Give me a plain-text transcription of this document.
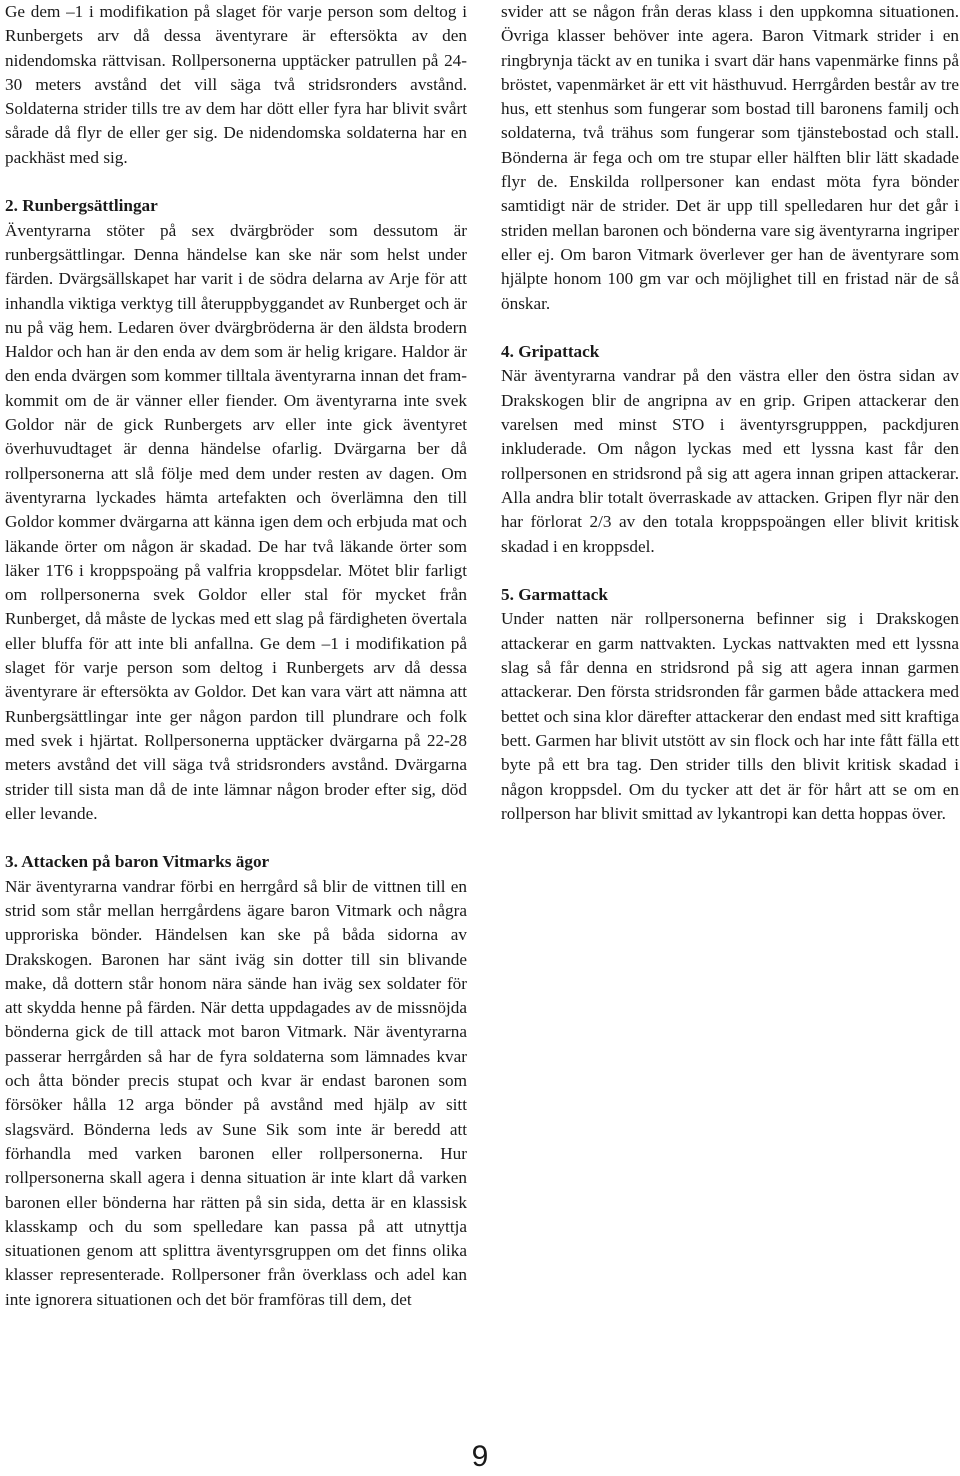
Ge dem –1 i modifikation på slaget för varje person som deltog i Runbergets arv då dessa äventyrare är eftersökta av den nidendomska rättvisan. Rollpersonerna upptäcker patrullen på 24-30 meters avstånd det vill säga två stridsronders avstånd. Soldaterna strider tills tre av dem har dött eller fyra har blivit svårt sårade då flyr de eller ger sig. De nidendomska soldaterna har en packhäst med sig.

2. Runbergsättlingar

Äventyrarna stöter på sex dvärgbröder som dessutom är runbergsättlingar. Denna händelse kan ske när som helst under färden. Dvärgsällskapet har varit i de södra delarna av Arje för att inhandla viktiga verktyg till återuppbyggandet av Runberget och är nu på väg hem. Ledaren över dvärgbröderna är den äldsta brodern Haldor och han är den enda av dem som är helig krigare. Haldor är den enda dvärgen som kommer tilltala äventyrarna innan det framkommit om de är vänner eller fiender. Om äventyrarna inte svek Goldor när de gick Runbergets arv eller inte gick äventyret överhuvudtaget är denna händelse ofarlig. Dvärgarna ber då rollpersonerna att slå följe med dem under resten av dagen. Om äventyrarna lyckades hämta artefakten och överlämna den till Goldor kommer dvärgarna att känna igen dem och erbjuda mat och läkande örter om någon är skadad. De har två läkande örter som läker 1T6 i kroppspoäng på valfria kroppsdelar. Mötet blir farligt om rollpersonerna svek Goldor eller stal för mycket från Runberget, då måste de lyckas med ett slag på färdigheten övertala eller bluffa för att inte bli anfallna. Ge dem –1 i modifikation på slaget för varje person som deltog i Runbergets arv då dessa äventyrare är eftersökta av Goldor. Det kan vara värt att nämna att Runbergsättlingar inte ger någon pardon till plundrare och folk med svek i hjärtat. Rollpersonerna upptäcker dvärgarna på 22-28 meters avstånd det vill säga två stridsronders avstånd. Dvärgarna strider till sista man då de inte lämnar någon broder efter sig, död eller levande.

3. Attacken på baron Vitmarks ägor

När äventyrarna vandrar förbi en herrgård så blir de vittnen till en strid som står mellan herrgårdens ägare baron Vitmark och några upproriska bönder. Händelsen kan ske på båda sidorna av Drakskogen. Baronen har sänt iväg sin dotter till sin blivande make, då dottern står honom nära sände han iväg sex soldater för att skydda henne på färden. När detta uppdagades av de missnöjda bönderna gick de till attack mot baron Vitmark. När äventyrarna passerar herrgården så har de fyra soldaterna som lämnades kvar och åtta bönder precis stupat och kvar är endast baronen som försöker hålla 12 arga bönder på avstånd med hjälp av sitt slagsvärd. Bönderna leds av Sune Sik som inte är beredd att förhandla med varken baronen eller rollpersonerna. Hur rollpersonerna skall agera i denna situation är inte klart då varken baronen eller bönderna har rätten på sin sida, detta är en klassisk klasskamp och du som spelledare kan passa på att utnyttja situationen genom att splittra äventyrsgruppen om det finns olika klasser representerade. Rollpersoner från överklass och adel kan inte ignorera situationen och det bör framföras till dem, det

svider att se någon från deras klass i den uppkomna situationen. Övriga klasser behöver inte agera. Baron Vitmark strider i en ringbrynja täckt av en tunika i svart där hans vapenmärke finns på bröstet, vapenmärket är ett vit hästhuvud. Herrgården består av tre hus, ett stenhus som fungerar som bostad till baronens familj och soldaterna, två trähus som fungerar som tjänstebostad och stall. Bönderna är fega och om tre stupar eller hälften blir lätt skadade flyr de. Enskilda rollpersoner kan endast möta fyra bönder samtidigt när de strider. Det är upp till spelledaren hur det går i striden mellan baronen och bönderna vare sig äventyrarna ingriper eller ej. Om baron Vitmark överlever ger han de äventyrare som hjälpte honom 100 gm var och möjlighet till en fristad när de så önskar.

4. Gripattack

När äventyrarna vandrar på den västra eller den östra sidan av Drakskogen blir de angripna av en grip. Gripen attackerar den varelsen med minst STO i äventyrsgrupppen, packdjuren inkluderade. Om någon lyckas med ett lyssna kast får den rollpersonen en stridsrond på sig att agera innan gripen attackerar. Alla andra blir totalt överraskade av attacken. Gripen flyr när den har förlorat 2/3 av den totala kroppspoängen eller blivit kritisk skadad i en kroppsdel.

5. Garmattack

Under natten när rollpersonerna befinner sig i Drakskogen attackerar en garm nattvakten. Lyckas nattvakten med ett lyssna slag så får denna en stridsrond på sig att agera innan garmen attackerar. Den första stridsronden får garmen både attackera med bettet och sina klor därefter attackerar den endast med sitt kraftiga bett. Garmen har blivit utstött av sin flock och har inte fått fälla ett byte på ett bra tag. Den strider tills den blivit kritisk skadad i någon kroppsdel. Om du tycker att det är för hårt att se om en rollperson har blivit smittad av lykantropi kan detta hoppas över.

9
